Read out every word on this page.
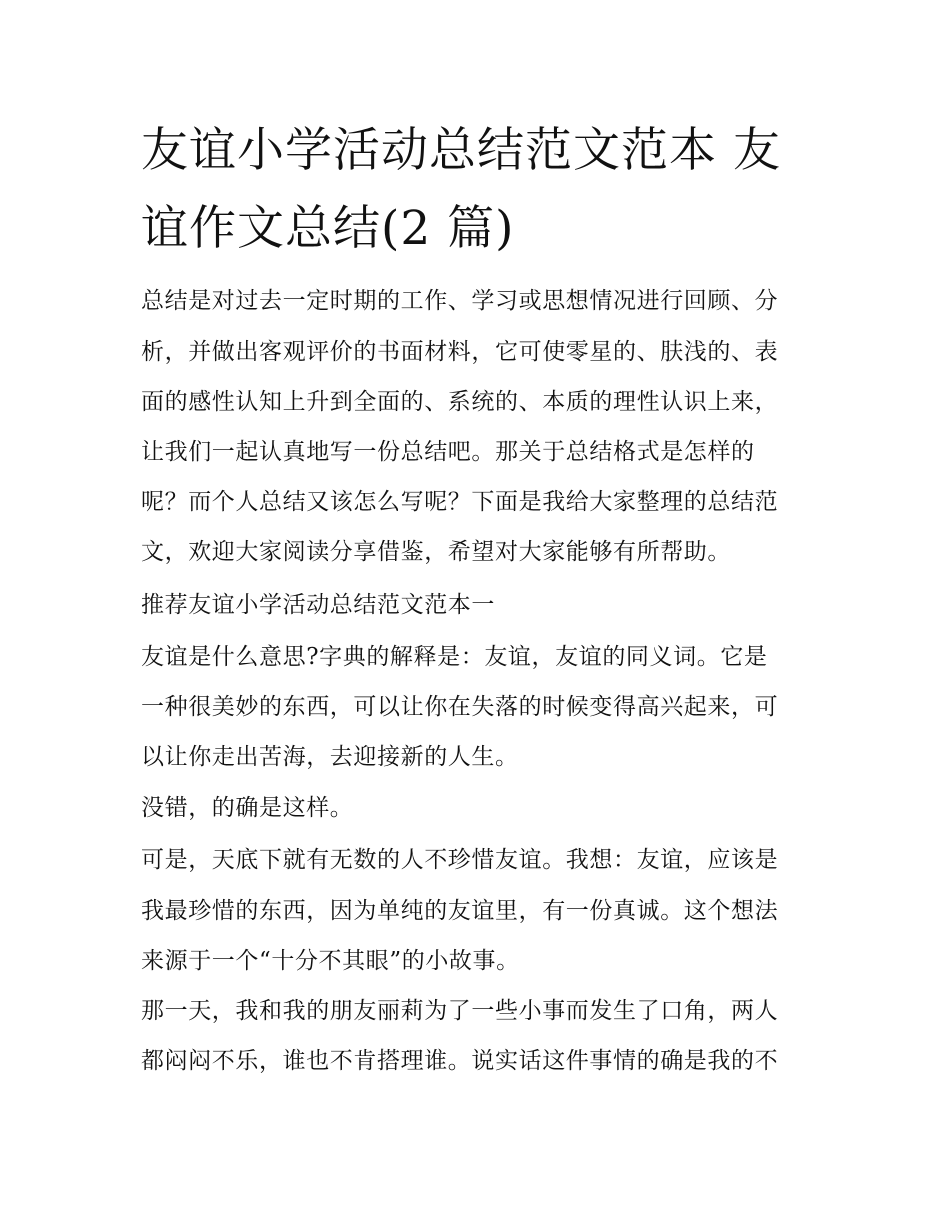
友谊小学活动总结范文范本 友
谊作文总结(2 篇)

总结是对过去一定时期的工作、学习或思想情况进行回顾、分

析，并做出客观评价的书面材料，它可使零星的、肤浅的、表

面的感性认知上升到全面的、系统的、本质的理性认识上来，

让我们一起认真地写一份总结吧。那关于总结格式是怎样的

呢？而个人总结又该怎么写呢？下面是我给大家整理的总结范

文，欢迎大家阅读分享借鉴，希望对大家能够有所帮助。

推荐友谊小学活动总结范文范本一

友谊是什么意思?字典的解释是：友谊，友谊的同义词。它是

一种很美妙的东西，可以让你在失落的时候变得高兴起来，可

以让你走出苦海，去迎接新的人生。

没错，的确是这样。

可是，天底下就有无数的人不珍惜友谊。我想：友谊，应该是

我最珍惜的东西，因为单纯的友谊里，有一份真诚。这个想法

来源于一个“十分不其眼”的小故事。

那一天，我和我的朋友丽莉为了一些小事而发生了口角，两人

都闷闷不乐，谁也不肯搭理谁。说实话这件事情的确是我的不
